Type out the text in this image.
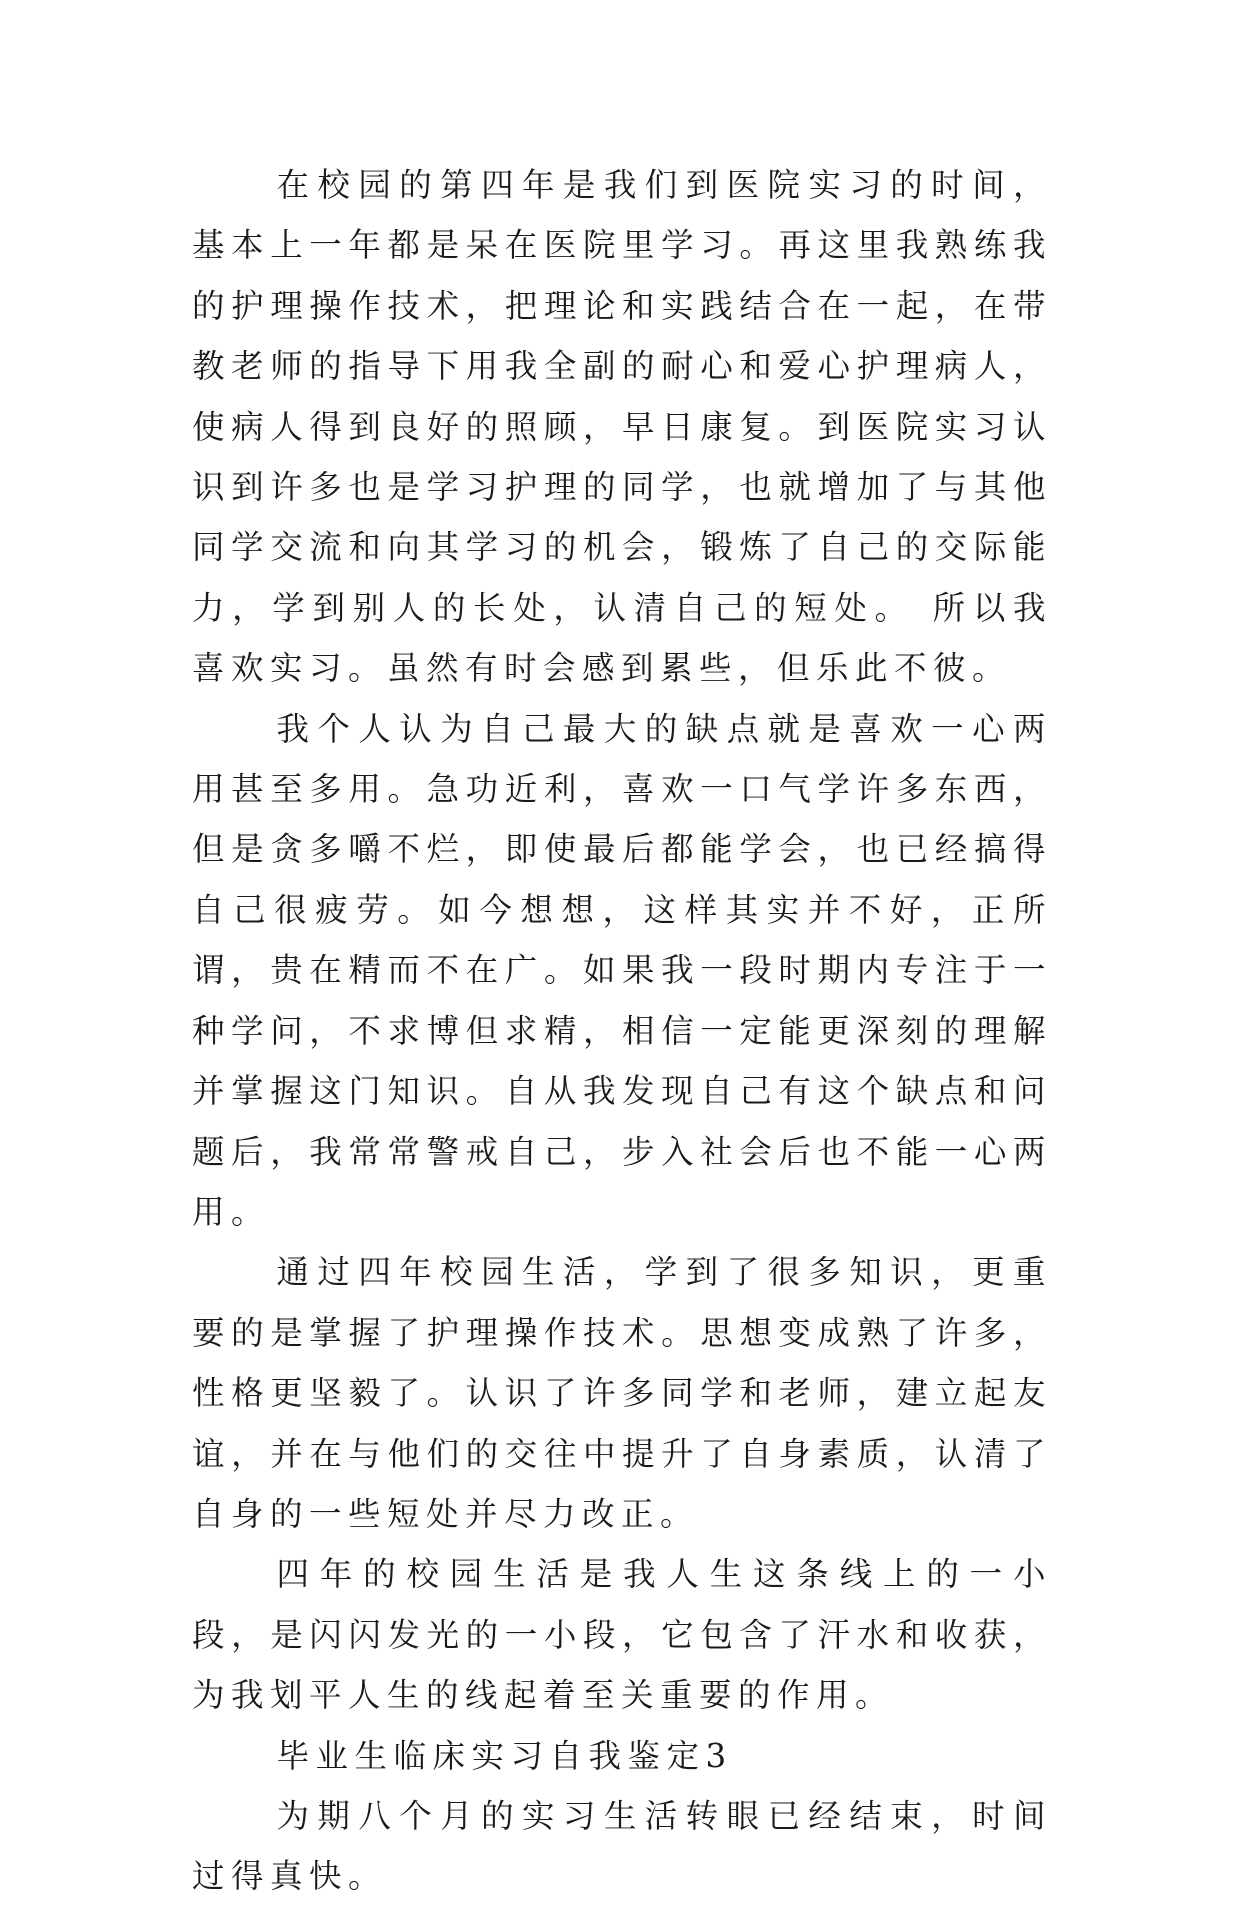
在校园的第四年是我们到医院实习的时间，基本上一年都是呆在医院里学习。再这里我熟练我的护理操作技术，把理论和实践结合在一起，在带教老师的指导下用我全副的耐心和爱心护理病人，使病人得到良好的照顾，早日康复。到医院实习认识到许多也是学习护理的同学，也就增加了与其他同学交流和向其学习的机会，锻炼了自己的交际能力，学到别人的长处，认清自己的短处。 所以我喜欢实习。虽然有时会感到累些，但乐此不彼。

我个人认为自己最大的缺点就是喜欢一心两用甚至多用。急功近利，喜欢一口气学许多东西，但是贪多嚼不烂，即使最后都能学会，也已经搞得自己很疲劳。如今想想，这样其实并不好，正所谓，贵在精而不在广。如果我一段时期内专注于一种学问，不求博但求精，相信一定能更深刻的理解并掌握这门知识。自从我发现自己有这个缺点和问题后，我常常警戒自己，步入社会后也不能一心两用。

通过四年校园生活，学到了很多知识，更重要的是掌握了护理操作技术。思想变成熟了许多，性格更坚毅了。认识了许多同学和老师，建立起友谊，并在与他们的交往中提升了自身素质，认清了自身的一些短处并尽力改正。

四年的校园生活是我人生这条线上的一小段，是闪闪发光的一小段，它包含了汗水和收获，为我划平人生的线起着至关重要的作用。

毕业生临床实习自我鉴定3

为期八个月的实习生活转眼已经结束，时间过得真快。
